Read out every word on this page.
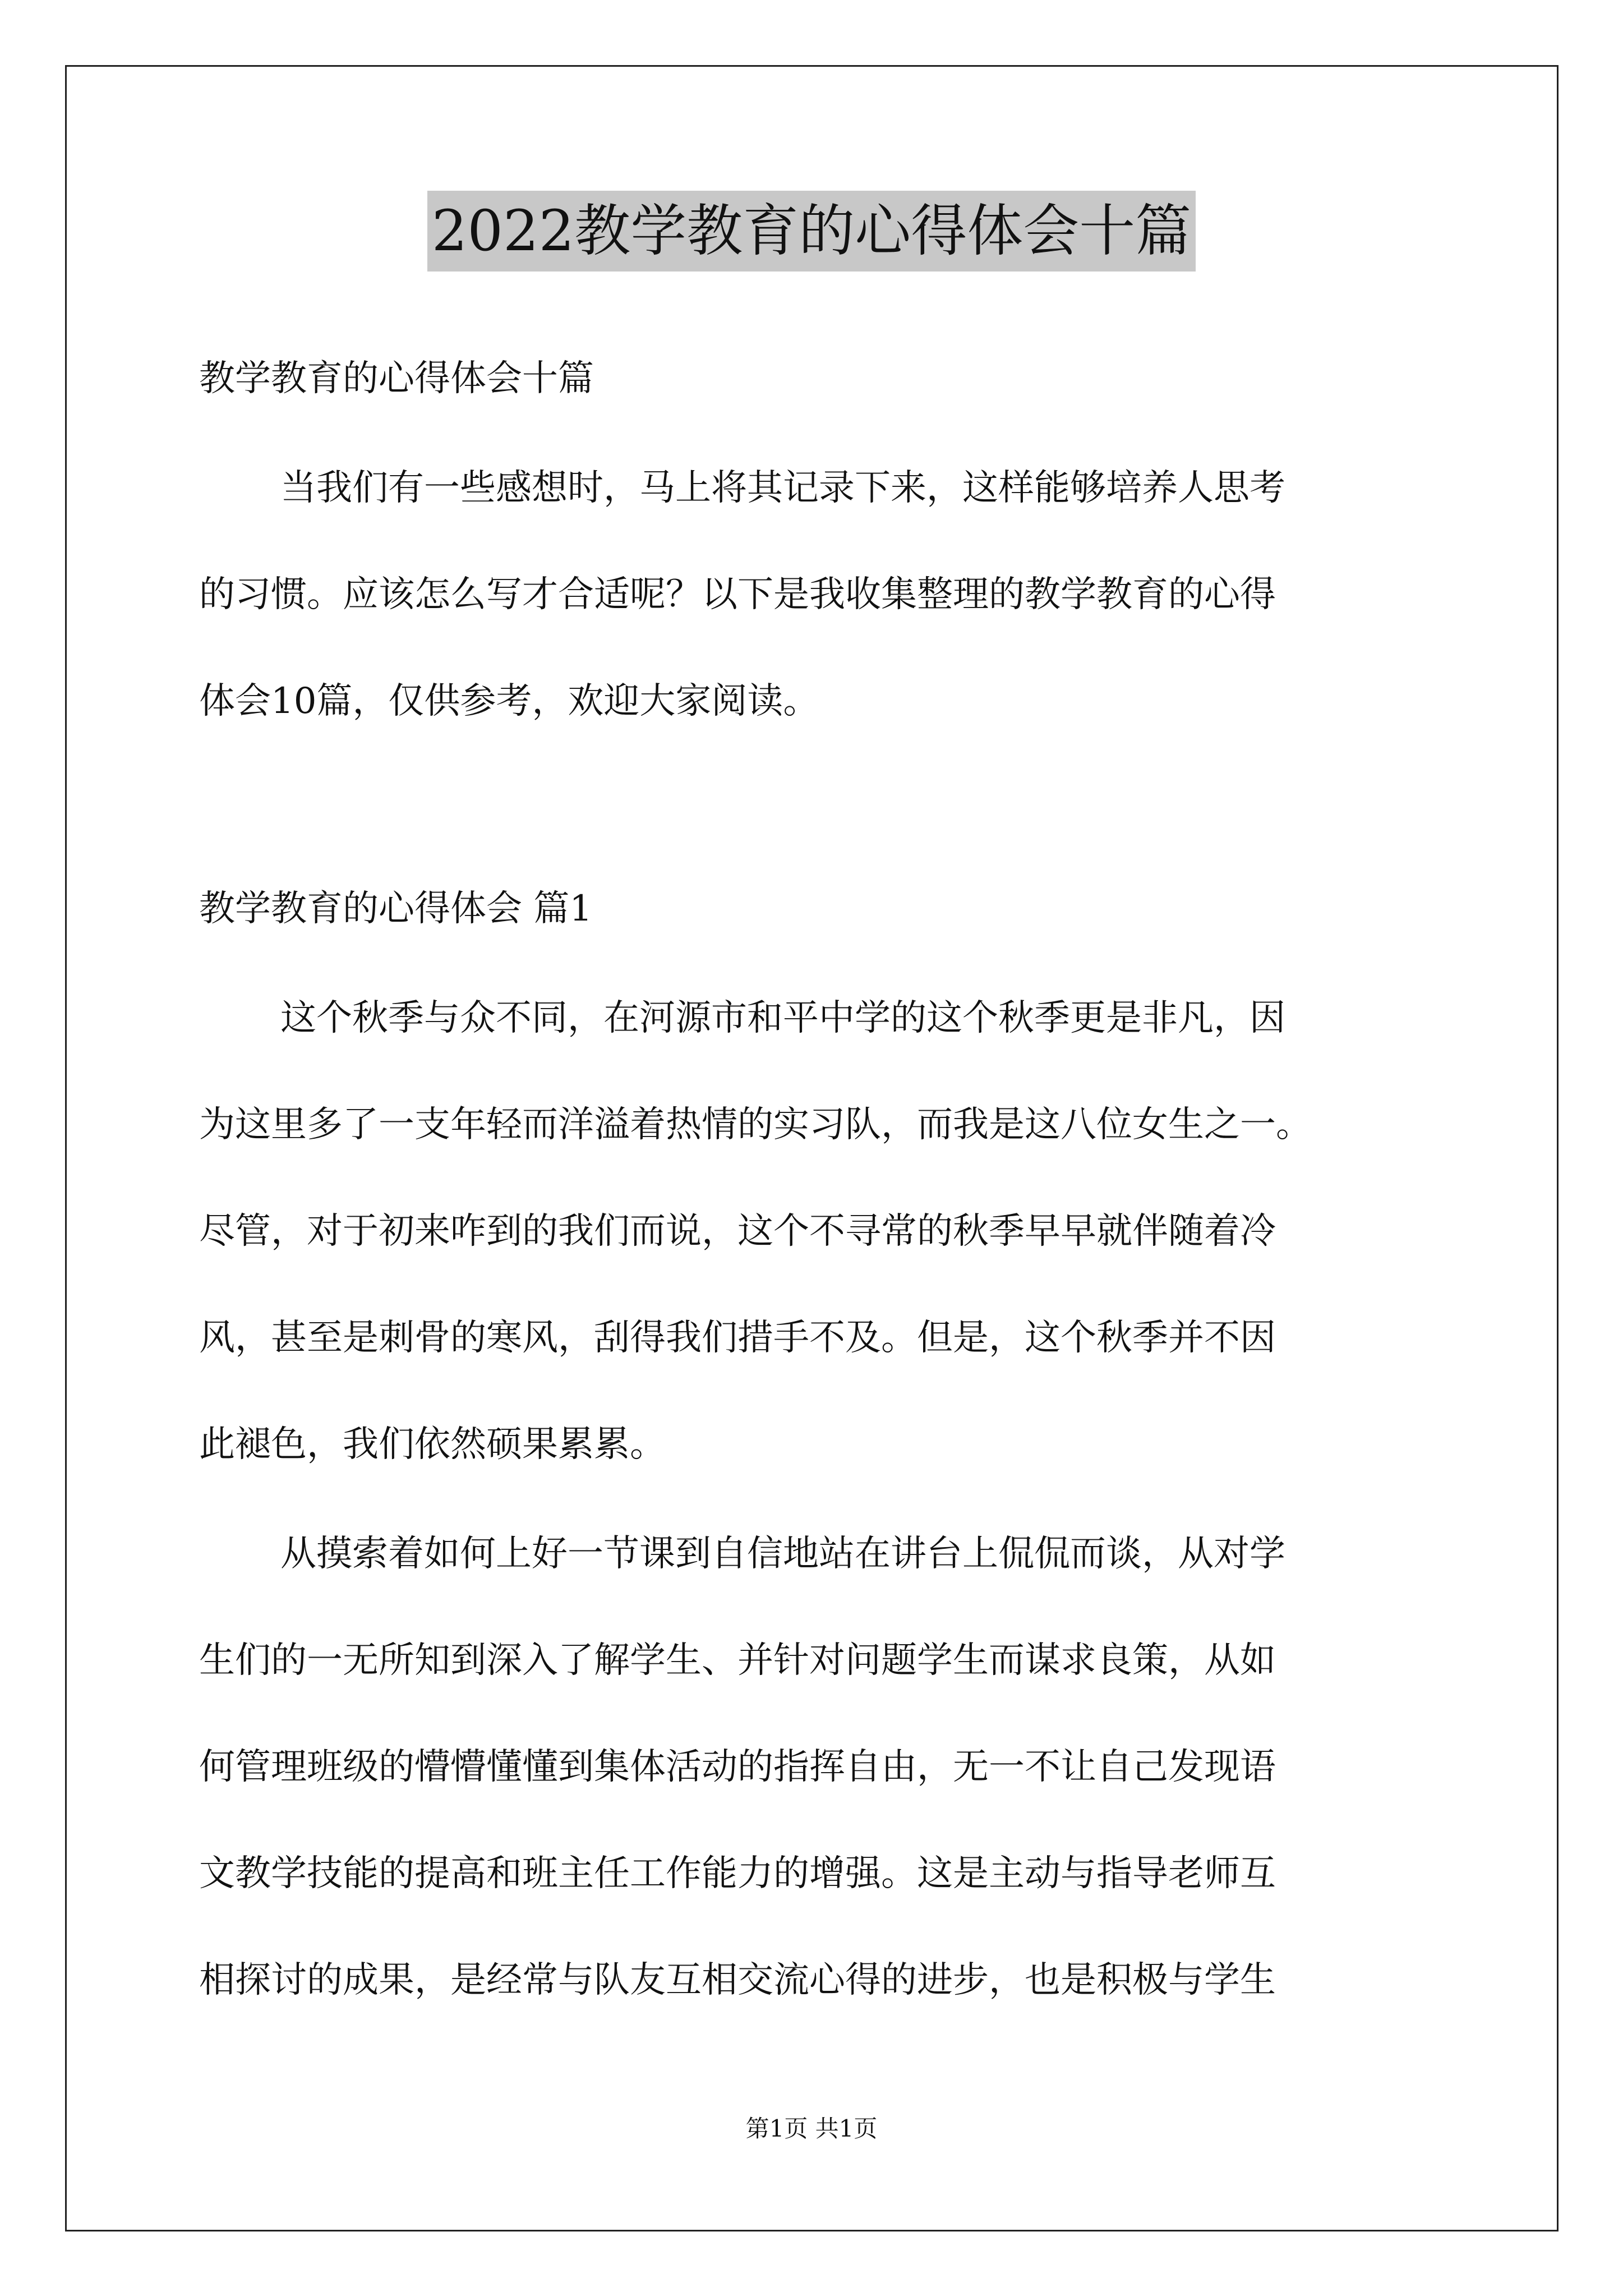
2022教学教育的心得体会十篇
教学教育的心得体会十篇
当我们有一些感想时，马上将其记录下来，这样能够培养人思考
的习惯。应该怎么写才合适呢？以下是我收集整理的教学教育的心得
体会10篇，仅供参考，欢迎大家阅读。
教学教育的心得体会 篇1
这个秋季与众不同，在河源市和平中学的这个秋季更是非凡，因
为这里多了一支年轻而洋溢着热情的实习队，而我是这八位女生之一。
尽管，对于初来咋到的我们而说，这个不寻常的秋季早早就伴随着冷
风，甚至是刺骨的寒风，刮得我们措手不及。但是，这个秋季并不因
此褪色，我们依然硕果累累。
从摸索着如何上好一节课到自信地站在讲台上侃侃而谈，从对学
生们的一无所知到深入了解学生、并针对问题学生而谋求良策，从如
何管理班级的懵懵懂懂到集体活动的指挥自由，无一不让自己发现语
文教学技能的提高和班主任工作能力的增强。这是主动与指导老师互
相探讨的成果，是经常与队友互相交流心得的进步，也是积极与学生
第1页 共1页
